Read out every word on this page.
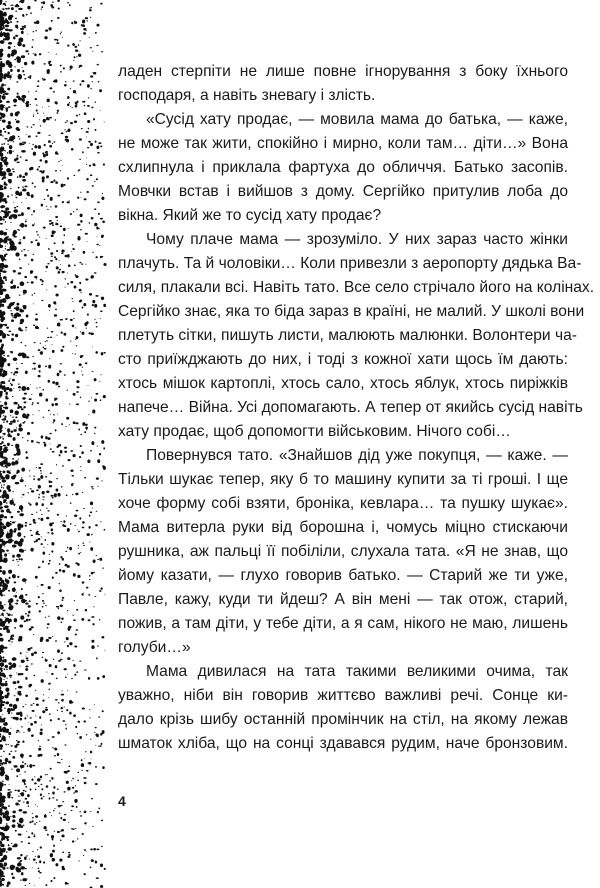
ладен стерпіти не лише повне ігнорування з боку їхнього
господаря, а навіть зневагу і злість.
«Сусід хату продає, — мовила мама до батька, — каже,
не може так жити, спокійно і мирно, коли там… діти…» Вона
схлипнула і приклала фартуха до обличчя. Батько засопів.
Мовчки встав і вийшов з дому. Сергійко притулив лоба до
вікна. Який же то сусід хату продає?
Чому плаче мама — зрозуміло. У них зараз часто жінки
плачуть. Та й чоловіки… Коли привезли з аеропорту дядька Ва-
силя, плакали всі. Навіть тато. Все село стрічало його на колінах.
Сергійко знає, яка то біда зараз в країні, не малий. У школі вони
плетуть сітки, пишуть листи, малюють малюнки. Волонтери ча-
сто приїжджають до них, і тоді з кожної хати щось їм дають:
хтось мішок картоплі, хтось сало, хтось яблук, хтось пиріжків
напече… Війна. Усі допомагають. А тепер от якийсь сусід навіть
хату продає, щоб допомогти військовим. Нічого собі…
Повернувся тато. «Знайшов дід уже покупця, — каже. —
Тільки шукає тепер, яку б то машину купити за ті гроші. І ще
хоче форму собі взяти, броніка, кевлара… та пушку шукає».
Мама витерла руки від борошна і, чомусь міцно стискаючи
рушника, аж пальці її побіліли, слухала тата. «Я не знав, що
йому казати, — глухо говорив батько. — Старий же ти уже,
Павле, кажу, куди ти йдеш? А він мені — так отож, старий,
пожив, а там діти, у тебе діти, а я сам, нікого не маю, лишень
голуби…»
Мама дивилася на тата такими великими очима, так
уважно, ніби він говорив життєво важливі речі. Сонце ки-
дало крізь шибу останній промінчик на стіл, на якому лежав
шматок хліба, що на сонці здавався рудим, наче бронзовим.
4
